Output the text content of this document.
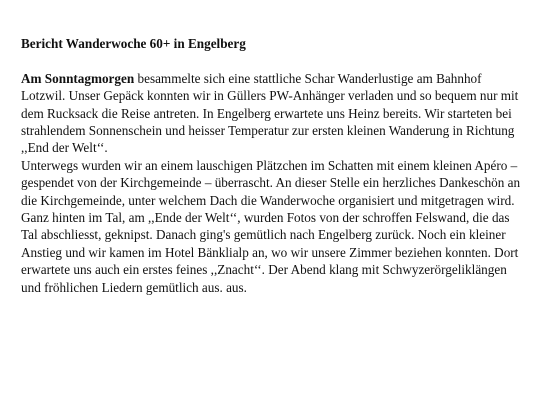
Bericht Wanderwoche 60+ in Engelberg

Am Sonntagmorgen besammelte sich eine stattliche Schar Wanderlustige am Bahnhof Lotzwil. Unser Gepäck konnten wir in Güllers PW-Anhänger verladen und so bequem nur mit dem Rucksack die Reise antreten. In Engelberg erwartete uns Heinz bereits. Wir starteten bei strahlendem Sonnenschein und heisser Temperatur zur ersten kleinen Wanderung in Richtung ,,End der Welt‘‘.

Unterwegs wurden wir an einem lauschigen Plätzchen im Schatten mit einem kleinen Apéro – gespendet von der Kirchgemeinde – überrascht. An dieser Stelle ein herzliches Dankeschön an die Kirchgemeinde, unter welchem Dach die Wanderwoche organisiert und mitgetragen wird.

Ganz hinten im Tal, am ,,Ende der Welt‘‘, wurden Fotos von der schroffen Felswand, die das Tal abschliesst, geknipst. Danach ging's gemütlich nach Engelberg zurück. Noch ein kleiner Anstieg und wir kamen im Hotel Bänklialp an, wo wir unsere Zimmer beziehen konnten. Dort erwartete uns auch ein erstes feines ,,Znacht‘‘. Der Abend klang mit Schwyzerörgeliklängen und fröhlichen Liedern gemütlich aus. aus.
